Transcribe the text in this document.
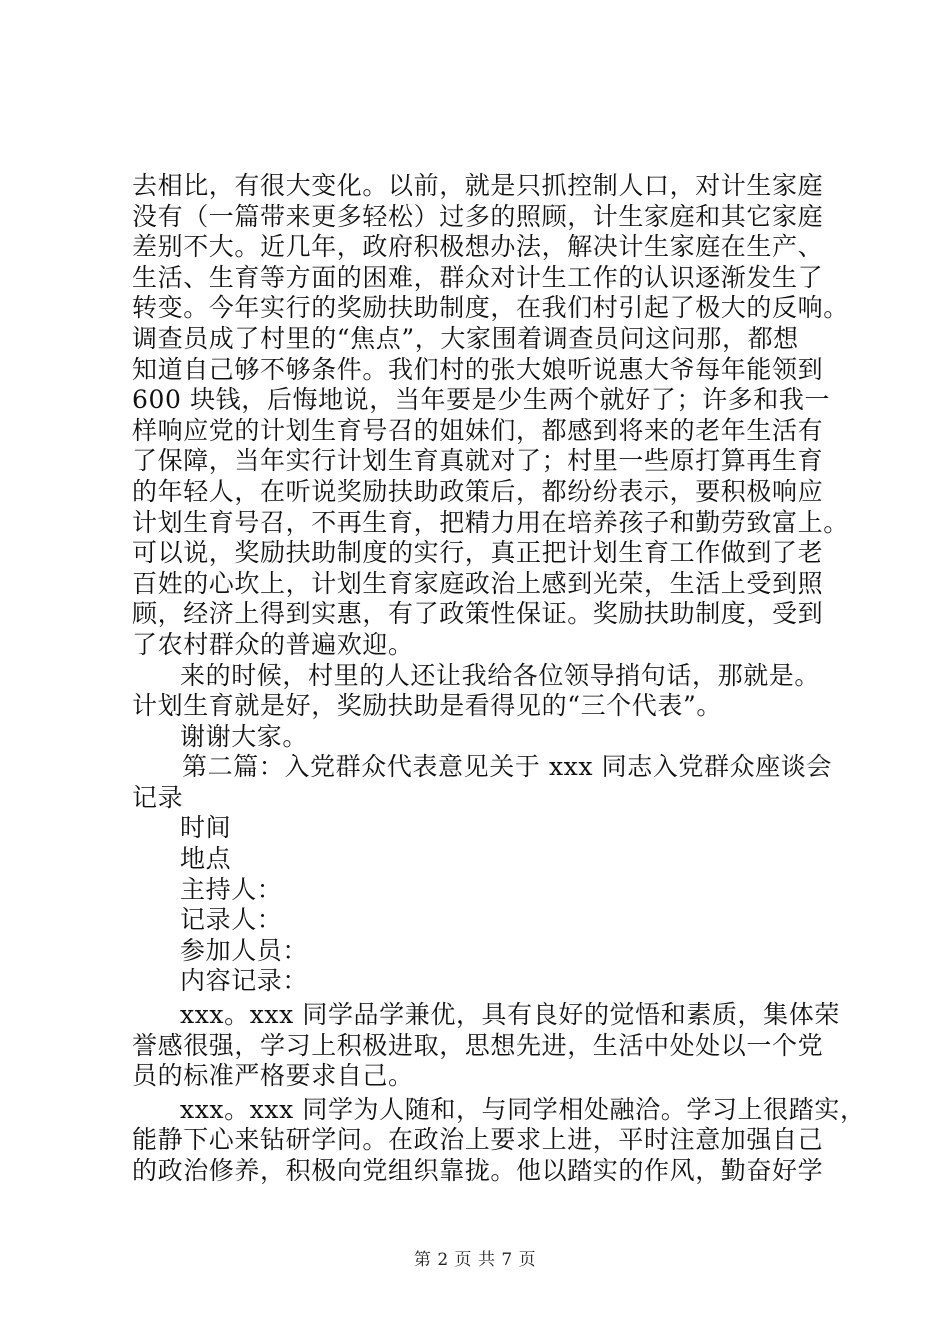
去相比，有很大变化。以前，就是只抓控制人口，对计生家庭
没有（一篇带来更多轻松）过多的照顾，计生家庭和其它家庭
差别不大。近几年，政府积极想办法，解决计生家庭在生产、
生活、生育等方面的困难，群众对计生工作的认识逐渐发生了
转变。今年实行的奖励扶助制度，在我们村引起了极大的反响。
调查员成了村里的“焦点”，大家围着调查员问这问那，都想
知道自己够不够条件。我们村的张大娘听说惠大爷每年能领到
600 块钱，后悔地说，当年要是少生两个就好了；许多和我一
样响应党的计划生育号召的姐妹们，都感到将来的老年生活有
了保障，当年实行计划生育真就对了；村里一些原打算再生育
的年轻人，在听说奖励扶助政策后，都纷纷表示，要积极响应
计划生育号召，不再生育，把精力用在培养孩子和勤劳致富上。
可以说，奖励扶助制度的实行，真正把计划生育工作做到了老
百姓的心坎上，计划生育家庭政治上感到光荣，生活上受到照
顾，经济上得到实惠，有了政策性保证。奖励扶助制度，受到
了农村群众的普遍欢迎。
来的时候，村里的人还让我给各位领导捎句话，那就是。
计划生育就是好，奖励扶助是看得见的“三个代表”。
谢谢大家。
第二篇：入党群众代表意见关于 xxx 同志入党群众座谈会
记录
时间
地点
主持人：
记录人：
参加人员：
内容记录：
xxx。xxx 同学品学兼优，具有良好的觉悟和素质，集体荣
誉感很强，学习上积极进取，思想先进，生活中处处以一个党
员的标准严格要求自己。
xxx。xxx 同学为人随和，与同学相处融洽。学习上很踏实，
能静下心来钻研学问。在政治上要求上进，平时注意加强自己
的政治修养，积极向党组织靠拢。他以踏实的作风，勤奋好学
第 2 页 共 7 页
